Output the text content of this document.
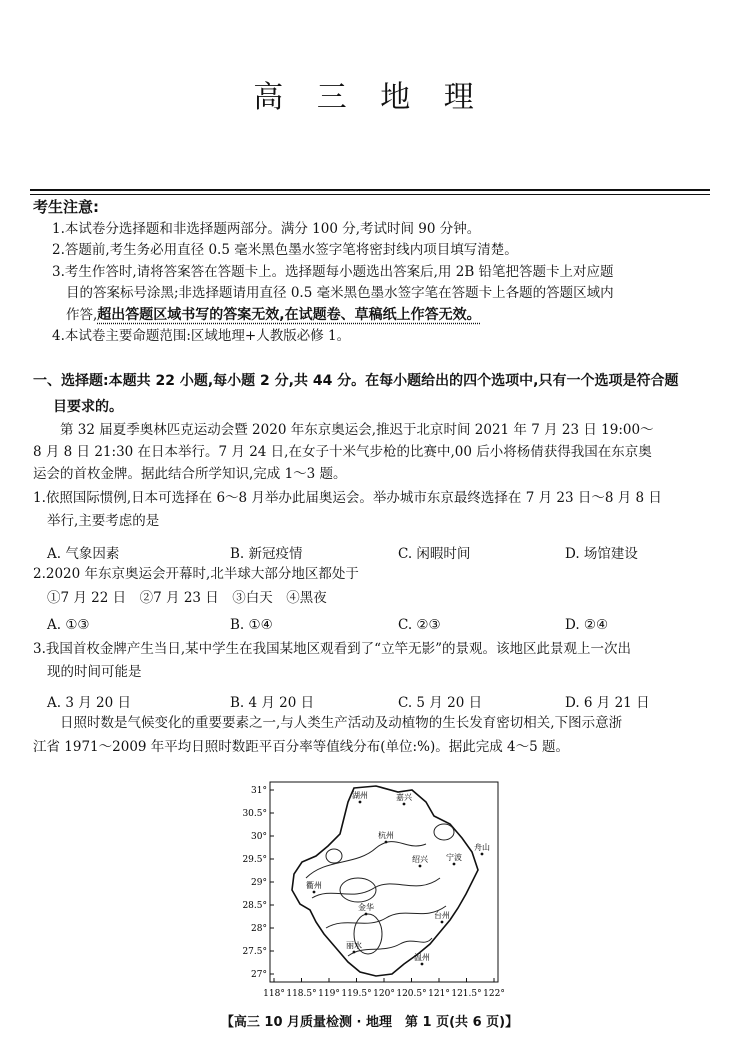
高 三 地 理
考生注意:
1.本试卷分选择题和非选择题两部分。满分 100 分,考试时间 90 分钟。
2.答题前,考生务必用直径 0.5 毫米黑色墨水签字笔将密封线内项目填写清楚。
3.考生作答时,请将答案答在答题卡上。选择题每小题选出答案后,用 2B 铅笔把答题卡上对应题
目的答案标号涂黑;非选择题请用直径 0.5 毫米黑色墨水签字笔在答题卡上各题的答题区域内
作答,超出答题区域书写的答案无效,在试题卷、草稿纸上作答无效。
4.本试卷主要命题范围:区域地理+人教版必修 1。
一、选择题:本题共 22 小题,每小题 2 分,共 44 分。在每小题给出的四个选项中,只有一个选项是符合题
目要求的。
第 32 届夏季奥林匹克运动会暨 2020 年东京奥运会,推迟于北京时间 2021 年 7 月 23 日 19:00～
8 月 8 日 21:30 在日本举行。7 月 24 日,在女子十米气步枪的比赛中,00 后小将杨倩获得我国在东京奥
运会的首枚金牌。据此结合所学知识,完成 1～3 题。
1.依照国际惯例,日本可选择在 6～8 月举办此届奥运会。举办城市东京最终选择在 7 月 23 日～8 月 8 日
举行,主要考虑的是
A. 气象因素	B. 新冠疫情	C. 闲暇时间	D. 场馆建设
2.2020 年东京奥运会开幕时,北半球大部分地区都处于
①7 月 22 日　②7 月 23 日　③白天　④黑夜
A. ①③	B. ①④	C. ②③	D. ②④
3.我国首枚金牌产生当日,某中学生在我国某地区观看到了“立竿无影”的景观。该地区此景观上一次出
现的时间可能是
A. 3 月 20 日	B. 4 月 20 日	C. 5 月 20 日	D. 6 月 21 日
日照时数是气候变化的重要要素之一,与人类生产活动及动植物的生长发育密切相关,下图示意浙
江省 1971～2009 年平均日照时数距平百分率等值线分布(单位:%)。据此完成 4～5 题。
31°
30.5°
30°
29.5°
29°
28.5°
28°
27.5°
27°
118° 118.5° 119° 119.5° 120° 120.5° 121° 121.5° 122°
湖州	嘉兴
杭州
绍兴 宁波
舟山
衢州
金华
台州
丽水
温州
【高三 10 月质量检测 · 地理　第 1 页(共 6 页)】
